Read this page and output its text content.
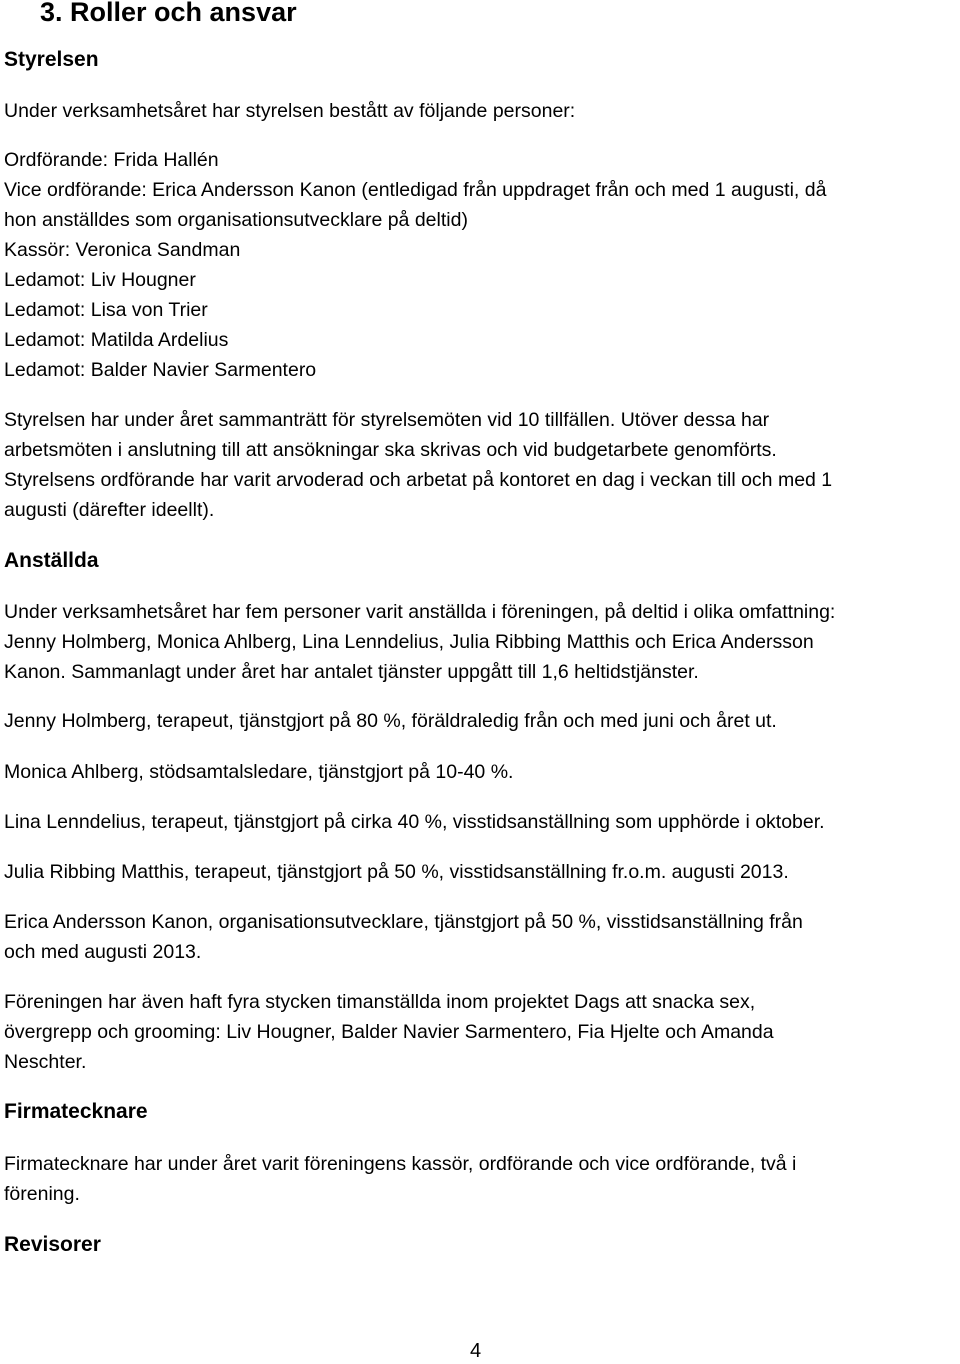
3. Roller och ansvar
Styrelsen
Under verksamhetsåret har styrelsen bestått av följande personer:
Ordförande: Frida Hallén
Vice ordförande: Erica Andersson Kanon (entledigad från uppdraget från och med 1 augusti, då
hon anställdes som organisationsutvecklare på deltid)
Kassör: Veronica Sandman
Ledamot: Liv Hougner
Ledamot: Lisa von Trier
Ledamot: Matilda Ardelius
Ledamot: Balder Navier Sarmentero
Styrelsen har under året sammanträtt för styrelsemöten vid 10 tillfällen. Utöver dessa har
arbetsmöten i anslutning till att ansökningar ska skrivas och vid budgetarbete genomförts.
Styrelsens ordförande har varit arvoderad och arbetat på kontoret en dag i veckan till och med 1
augusti (därefter ideellt).
Anställda
Under verksamhetsåret har fem personer varit anställda i föreningen, på deltid i olika omfattning:
Jenny Holmberg, Monica Ahlberg, Lina Lenndelius, Julia Ribbing Matthis och Erica Andersson
Kanon. Sammanlagt under året har antalet tjänster uppgått till 1,6 heltidstjänster.
Jenny Holmberg, terapeut, tjänstgjort på 80 %, föräldraledig från och med juni och året ut.
Monica Ahlberg, stödsamtalsledare, tjänstgjort på 10-40 %.
Lina Lenndelius, terapeut, tjänstgjort på cirka 40 %, visstidsanställning som upphörde i oktober.
Julia Ribbing Matthis, terapeut, tjänstgjort på 50 %, visstidsanställning fr.o.m. augusti 2013.
Erica Andersson Kanon, organisationsutvecklare, tjänstgjort på 50 %, visstidsanställning från
och med augusti 2013.
Föreningen har även haft fyra stycken timanställda inom projektet Dags att snacka sex,
övergrepp och grooming: Liv Hougner, Balder Navier Sarmentero, Fia Hjelte och Amanda
Neschter.
Firmatecknare
Firmatecknare har under året varit föreningens kassör, ordförande och vice ordförande, två i
förening.
Revisorer
4
